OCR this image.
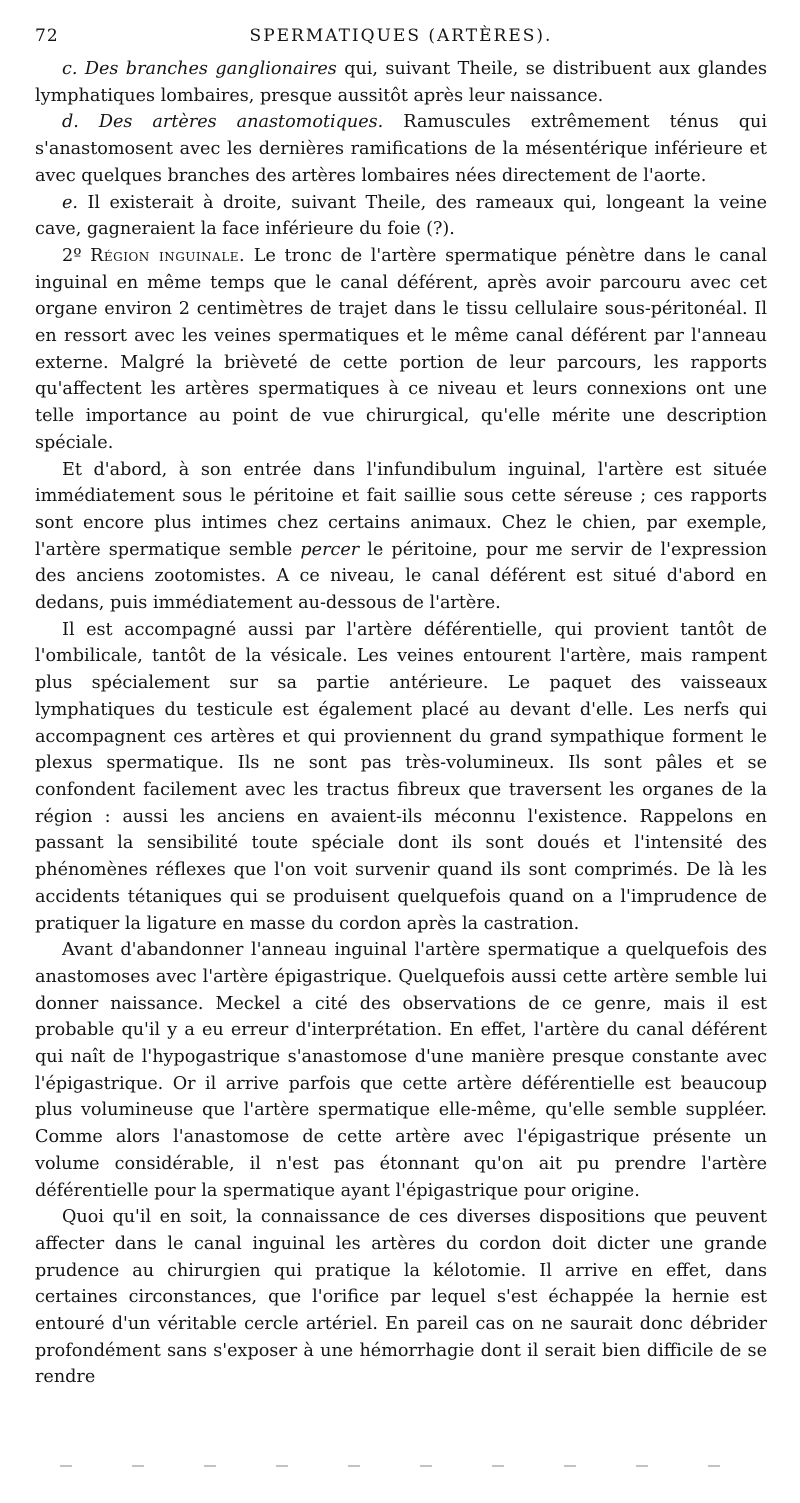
72	SPERMATIQUES (ARTÈRES).

c. Des branches ganglionaires qui, suivant Theile, se distribuent aux glandes lymphatiques lombaires, presque aussitôt après leur naissance.

d. Des artères anastomotiques. Ramuscules extrêmement ténus qui s'anastomosent avec les dernières ramifications de la mésentérique inférieure et avec quelques branches des artères lombaires nées directement de l'aorte.

e. Il existerait à droite, suivant Theile, des rameaux qui, longeant la veine cave, gagneraient la face inférieure du foie (?).

2º Région inguinale. Le tronc de l'artère spermatique pénètre dans le canal inguinal en même temps que le canal déférent, après avoir parcouru avec cet organe environ 2 centimètres de trajet dans le tissu cellulaire sous-péritonéal. Il en ressort avec les veines spermatiques et le même canal déférent par l'anneau externe. Malgré la brièveté de cette portion de leur parcours, les rapports qu'affectent les artères spermatiques à ce niveau et leurs connexions ont une telle importance au point de vue chirurgical, qu'elle mérite une description spéciale.

Et d'abord, à son entrée dans l'infundibulum inguinal, l'artère est située immédiatement sous le péritoine et fait saillie sous cette séreuse ; ces rapports sont encore plus intimes chez certains animaux. Chez le chien, par exemple, l'artère spermatique semble percer le péritoine, pour me servir de l'expression des anciens zootomistes. A ce niveau, le canal déférent est situé d'abord en dedans, puis immédiatement au-dessous de l'artère.

Il est accompagné aussi par l'artère déférentielle, qui provient tantôt de l'ombilicale, tantôt de la vésicale. Les veines entourent l'artère, mais rampent plus spécialement sur sa partie antérieure. Le paquet des vaisseaux lymphatiques du testicule est également placé au devant d'elle. Les nerfs qui accompagnent ces artères et qui proviennent du grand sympathique forment le plexus spermatique. Ils ne sont pas très-volumineux. Ils sont pâles et se confondent facilement avec les tractus fibreux que traversent les organes de la région : aussi les anciens en avaient-ils méconnu l'existence. Rappelons en passant la sensibilité toute spéciale dont ils sont doués et l'intensité des phénomènes réflexes que l'on voit survenir quand ils sont comprimés. De là les accidents tétaniques qui se produisent quelquefois quand on a l'imprudence de pratiquer la ligature en masse du cordon après la castration.

Avant d'abandonner l'anneau inguinal l'artère spermatique a quelquefois des anastomoses avec l'artère épigastrique. Quelquefois aussi cette artère semble lui donner naissance. Meckel a cité des observations de ce genre, mais il est probable qu'il y a eu erreur d'interprétation. En effet, l'artère du canal déférent qui naît de l'hypogastrique s'anastomose d'une manière presque constante avec l'épigastrique. Or il arrive parfois que cette artère déférentielle est beaucoup plus volumineuse que l'artère spermatique elle-même, qu'elle semble suppléer. Comme alors l'anastomose de cette artère avec l'épigastrique présente un volume considérable, il n'est pas étonnant qu'on ait pu prendre l'artère déférentielle pour la spermatique ayant l'épigastrique pour origine.

Quoi qu'il en soit, la connaissance de ces diverses dispositions que peuvent affecter dans le canal inguinal les artères du cordon doit dicter une grande prudence au chirurgien qui pratique la kélotomie. Il arrive en effet, dans certaines circonstances, que l'orifice par lequel s'est échappée la hernie est entouré d'un véritable cercle artériel. En pareil cas on ne saurait donc débrider profondément sans s'exposer à une hémorrhagie dont il serait bien difficile de se rendre
